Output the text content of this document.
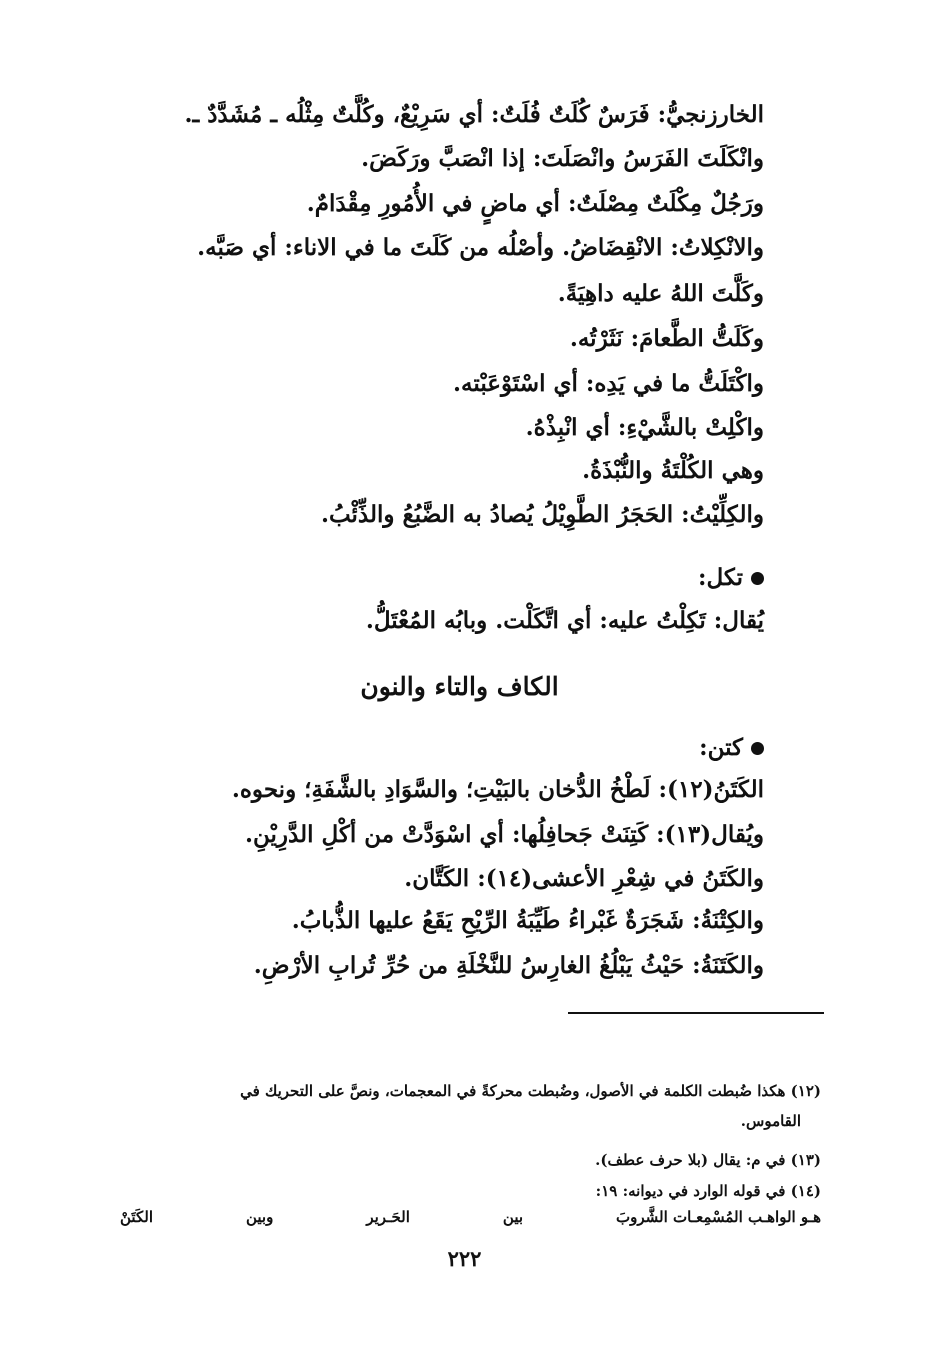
الخارزنجيُّ: فَرَسٌ كُلَتٌ فُلَتٌ: أي سَرِيْعٌ، وكُلَّتٌ مِثْلُه ـ مُشَدَّدٌ ـ.
وانْكَلَتَ الفَرَسُ وانْصَلَتَ: إذا انْصَبَّ ورَكَضَ.
ورَجُلٌ مِكْلَتٌ مِصْلَتٌ: أي ماضٍ في الأُمُورِ مِقْدَامٌ.
والانْكِلاتُ: الانْقِضَاضُ. وأصْلُه من كَلَتَ ما في الاناء: أي صَبَّه.
وكَلَّتَ اللهُ عليه داهِيَةً.
وكَلَتُّ الطَّعامَ: نَثَرْتُه.
واكْتَلَتُّ ما في يَدِه: أي اسْتَوْعَبْته.
واكْلِتْ بالشَّيْءِ: أي انْبِذْهُ.
وهي الكُلْتَةُ والنُّبْذَةُ.
والكِلِّيْتُ: الحَجَرُ الطَّوِيْلُ يُصادُ به الضَّبُعُ والذِّئْبُ.
تكل:
يُقال: تَكِلْتُ عليه: أي اتَّكَلْت. وبابُه المُعْتَلُّ.
الكاف والتاء والنون
كتن:
الكَتَنُ(١٢): لَطْخُ الدُّخان بالبَيْتِ؛ والسَّوَادِ بالشَّفَةِ؛ ونحوه.
ويُقال(١٣): كَتِنَتْ جَحافِلُها: أي اسْوَدَّتْ من أكْلِ الدَّرِيْنِ.
والكَتَنُ في شِعْرِ الأعشى(١٤): الكَتَّان.
والكِتْنَةُ: شَجَرَةٌ غَبْراءُ طَيِّبَةُ الرِّيْحِ يَقَعُ عليها الذُّبابُ.
والكَتَنَةُ: حَيْثُ يَبْلُغُ الغارِسُ للنَّخْلَةِ من حُرِّ تُرابِ الأرْضِ.
(١٢) هكذا ضُبطت الكلمة في الأصول، وضُبطت محركةً في المعجمات، ونصَّ على التحريك في
القاموس.
(١٣) في م: يقال (بلا حرف عطف).
(١٤) في قوله الوارد في ديوانه: ١٩:
هـو الواهـب المُسْمِعـات الشَّروبَ
بين
الحَـرير
وبين
الكَتَنْ
٢٢٢
